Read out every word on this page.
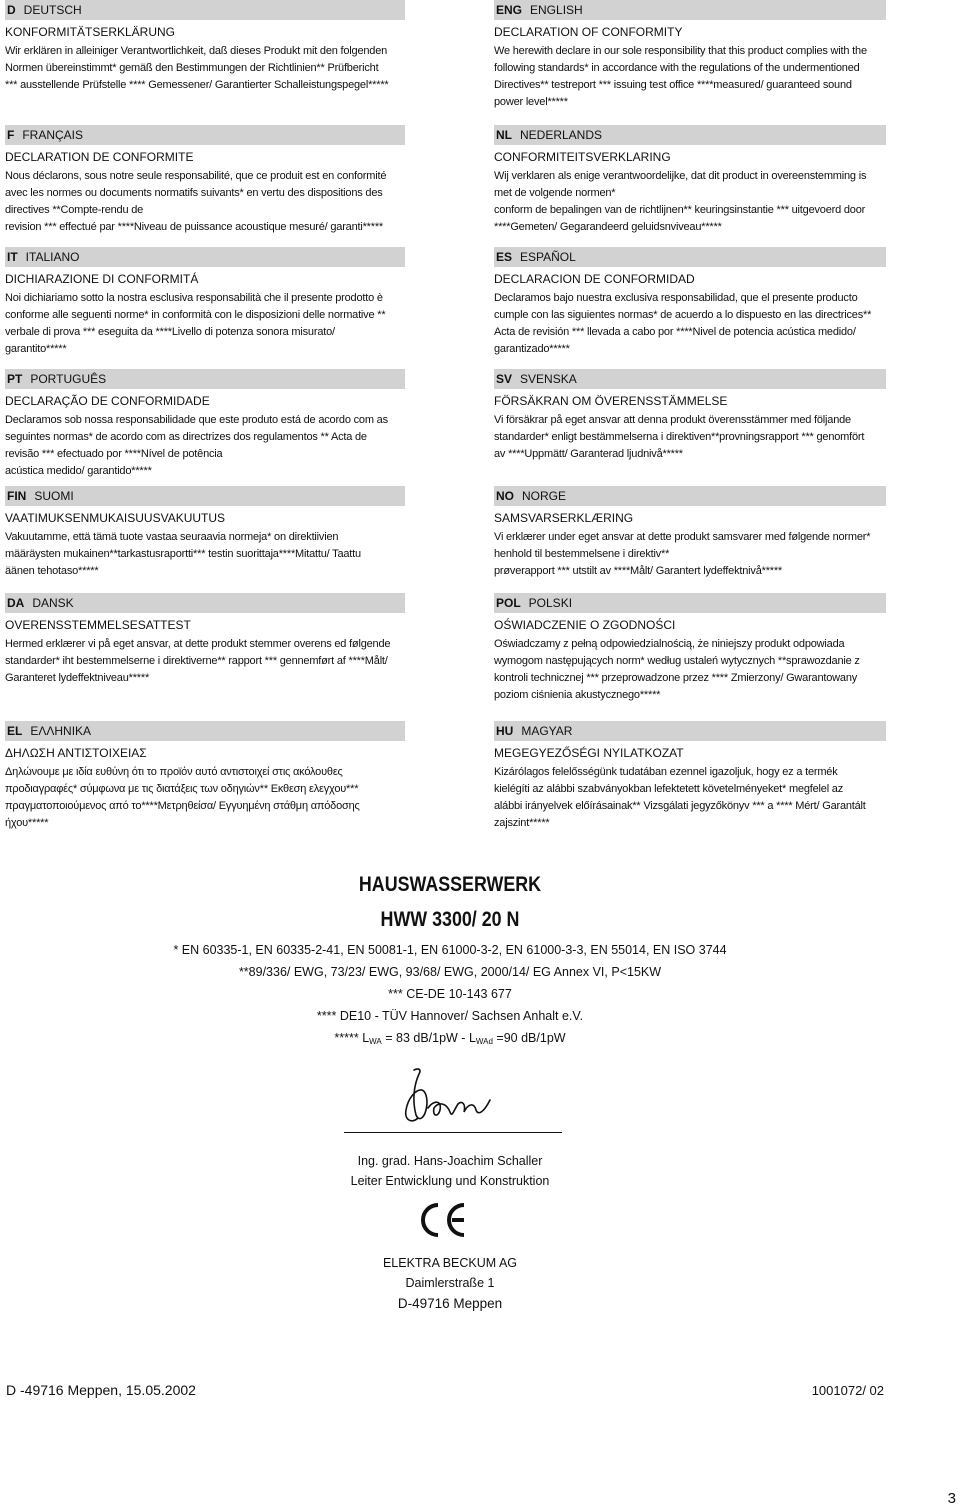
D DEUTSCH
KONFORMITÄTSERKLÄRUNG
Wir erklären in alleiniger Verantwortlichkeit, daß dieses Produkt mit den folgenden
Normen übereinstimmt* gemäß den Bestimmungen der Richtlinien** Prüfbericht
*** ausstellende Prüfstelle **** Gemessener/ Garantierter Schalleistungspegel*****
F FRANÇAIS
DECLARATION DE CONFORMITE
Nous déclarons, sous notre seule responsabilité, que ce produit est en conformité
avec les normes ou documents normatifs suivants* en vertu des dispositions des
directives **Compte-rendu de
revision *** effectué par ****Niveau de puissance acoustique mesuré/ garanti*****
IT ITALIANO
DICHIARAZIONE DI CONFORMITÁ
Noi dichiariamo sotto la nostra esclusiva responsabilità che il presente prodotto è
conforme alle seguenti norme* in conformità con le disposizioni delle normative **
verbale di prova *** eseguita da ****Livello di potenza sonora misurato/
garantito*****
PT PORTUGUÊS
DECLARAÇÃO DE CONFORMIDADE
Declaramos sob nossa responsabilidade que este produto está de acordo com as
seguintes normas* de acordo com as directrizes dos regulamentos ** Acta de
revisão *** efectuado por ****Nível de potência
acústica medido/ garantido*****
FIN SUOMI
VAATIMUKSENMUKAISUUSVAKUUTUS
Vakuutamme, että tämä tuote vastaa seuraavia normeja* on direktiivien
määräysten mukainen**tarkastusraportti*** testin suorittaja****Mitattu/ Taattu
äänen tehotaso*****
DA DANSK
OVERENSSTEMMELSESATTEST
Hermed erklærer vi på eget ansvar, at dette produkt stemmer overens ed følgende
standarder* iht bestemmelserne i direktiverne** rapport *** gennemført af ****Målt/
Garanteret lydeffektniveau*****
EL ΕΛΛΗΝΙΚΑ
ΔΗΛΩΣΗ ΑΝΤΙΣΤΟΙΧΕΙΑΣ
Δηλώνουμε με ιδία ευθύνη ότι το προϊόν αυτό αντιστοιχεί στις ακόλουθες
προδιαγραφές* σύμφωνα με τις διατάξεις των οδηγιών** Εκθεση ελεγχου***
πραγματοποιούμενος από το****Μετρηθείσα/ Εγγυημένη στάθμη απόδοσης
ήχου*****
ENG ENGLISH
DECLARATION OF CONFORMITY
We herewith declare in our sole responsibility that this product complies with the
following standards* in accordance with the regulations of the undermentioned
Directives** testreport *** issuing test office ****measured/ guaranteed sound
power level*****
NL NEDERLANDS
CONFORMITEITSVERKLARING
Wij verklaren als enige verantwoordelijke, dat dit product in overeenstemming is
met de volgende normen*
conform de bepalingen van de richtlijnen** keuringsinstantie *** uitgevoerd door
****Gemeten/ Gegarandeerd geluidsnviveau*****
ES ESPAÑOL
DECLARACION DE CONFORMIDAD
Declaramos bajo nuestra exclusiva responsabilidad, que el presente producto
cumple con las siguientes normas* de acuerdo a lo dispuesto en las directrices**
Acta de revisión *** llevada a cabo por ****Nivel de potencia acústica medido/
garantizado*****
SV SVENSKA
FÖRSÄKRAN OM ÖVERENSSTÄMMELSE
Vi försäkrar på eget ansvar att denna produkt överensstämmer med följande
standarder* enligt bestämmelserna i direktiven**provningsrapport *** genomfört
av ****Uppmätt/ Garanterad ljudnivå*****
NO NORGE
SAMSVARSERKLÆRING
Vi erklærer under eget ansvar at dette produkt samsvarer med følgende normer*
henhold til bestemmelsene i direktiv**
prøverapport *** utstilt av ****Målt/ Garantert lydeffektnivå*****
POL POLSKI
OŚWIADCZENIE O ZGODNOŚCI
Oświadczamy z pełną odpowiedzialnością, że niniejszy produkt odpowiada
wymogom następujących norm* według ustaleń wytycznych **sprawozdanie z
kontroli technicznej *** przeprowadzone przez **** Zmierzony/ Gwarantowany
poziom ciśnienia akustycznego*****
HU MAGYAR
MEGEGYEZŐSÉGI NYILATKOZAT
Kizárólagos felelősségünk tudatában ezennel igazoljuk, hogy ez a termék
kielégíti az alábbi szabványokban lefektetett követelményeket* megfelel az
alábbi irányelvek előírásainak** Vizsgálati jegyzőkönyv *** a **** Mért/ Garantált
zajszint*****
HAUSWASSERWERK
HWW 3300/ 20 N
* EN 60335-1, EN 60335-2-41, EN 50081-1, EN 61000-3-2, EN 61000-3-3, EN 55014, EN ISO 3744
**89/336/ EWG, 73/23/ EWG, 93/68/ EWG, 2000/14/ EG Annex VI, P<15KW
*** CE-DE 10-143 677
**** DE10 - TÜV Hannover/ Sachsen Anhalt e.V.
***** $L_{WA} = 83$ $dB/1pW - L_{WAd} =90$ dB/1pW
Ing. grad. Hans-Joachim Schaller
Leiter Entwicklung und Konstruktion
ELEKTRA BECKUM AG
Daimlerstraße 1
D-49716 Meppen
D -49716 Meppen, 15.05.2002	1001072/ 02
3
